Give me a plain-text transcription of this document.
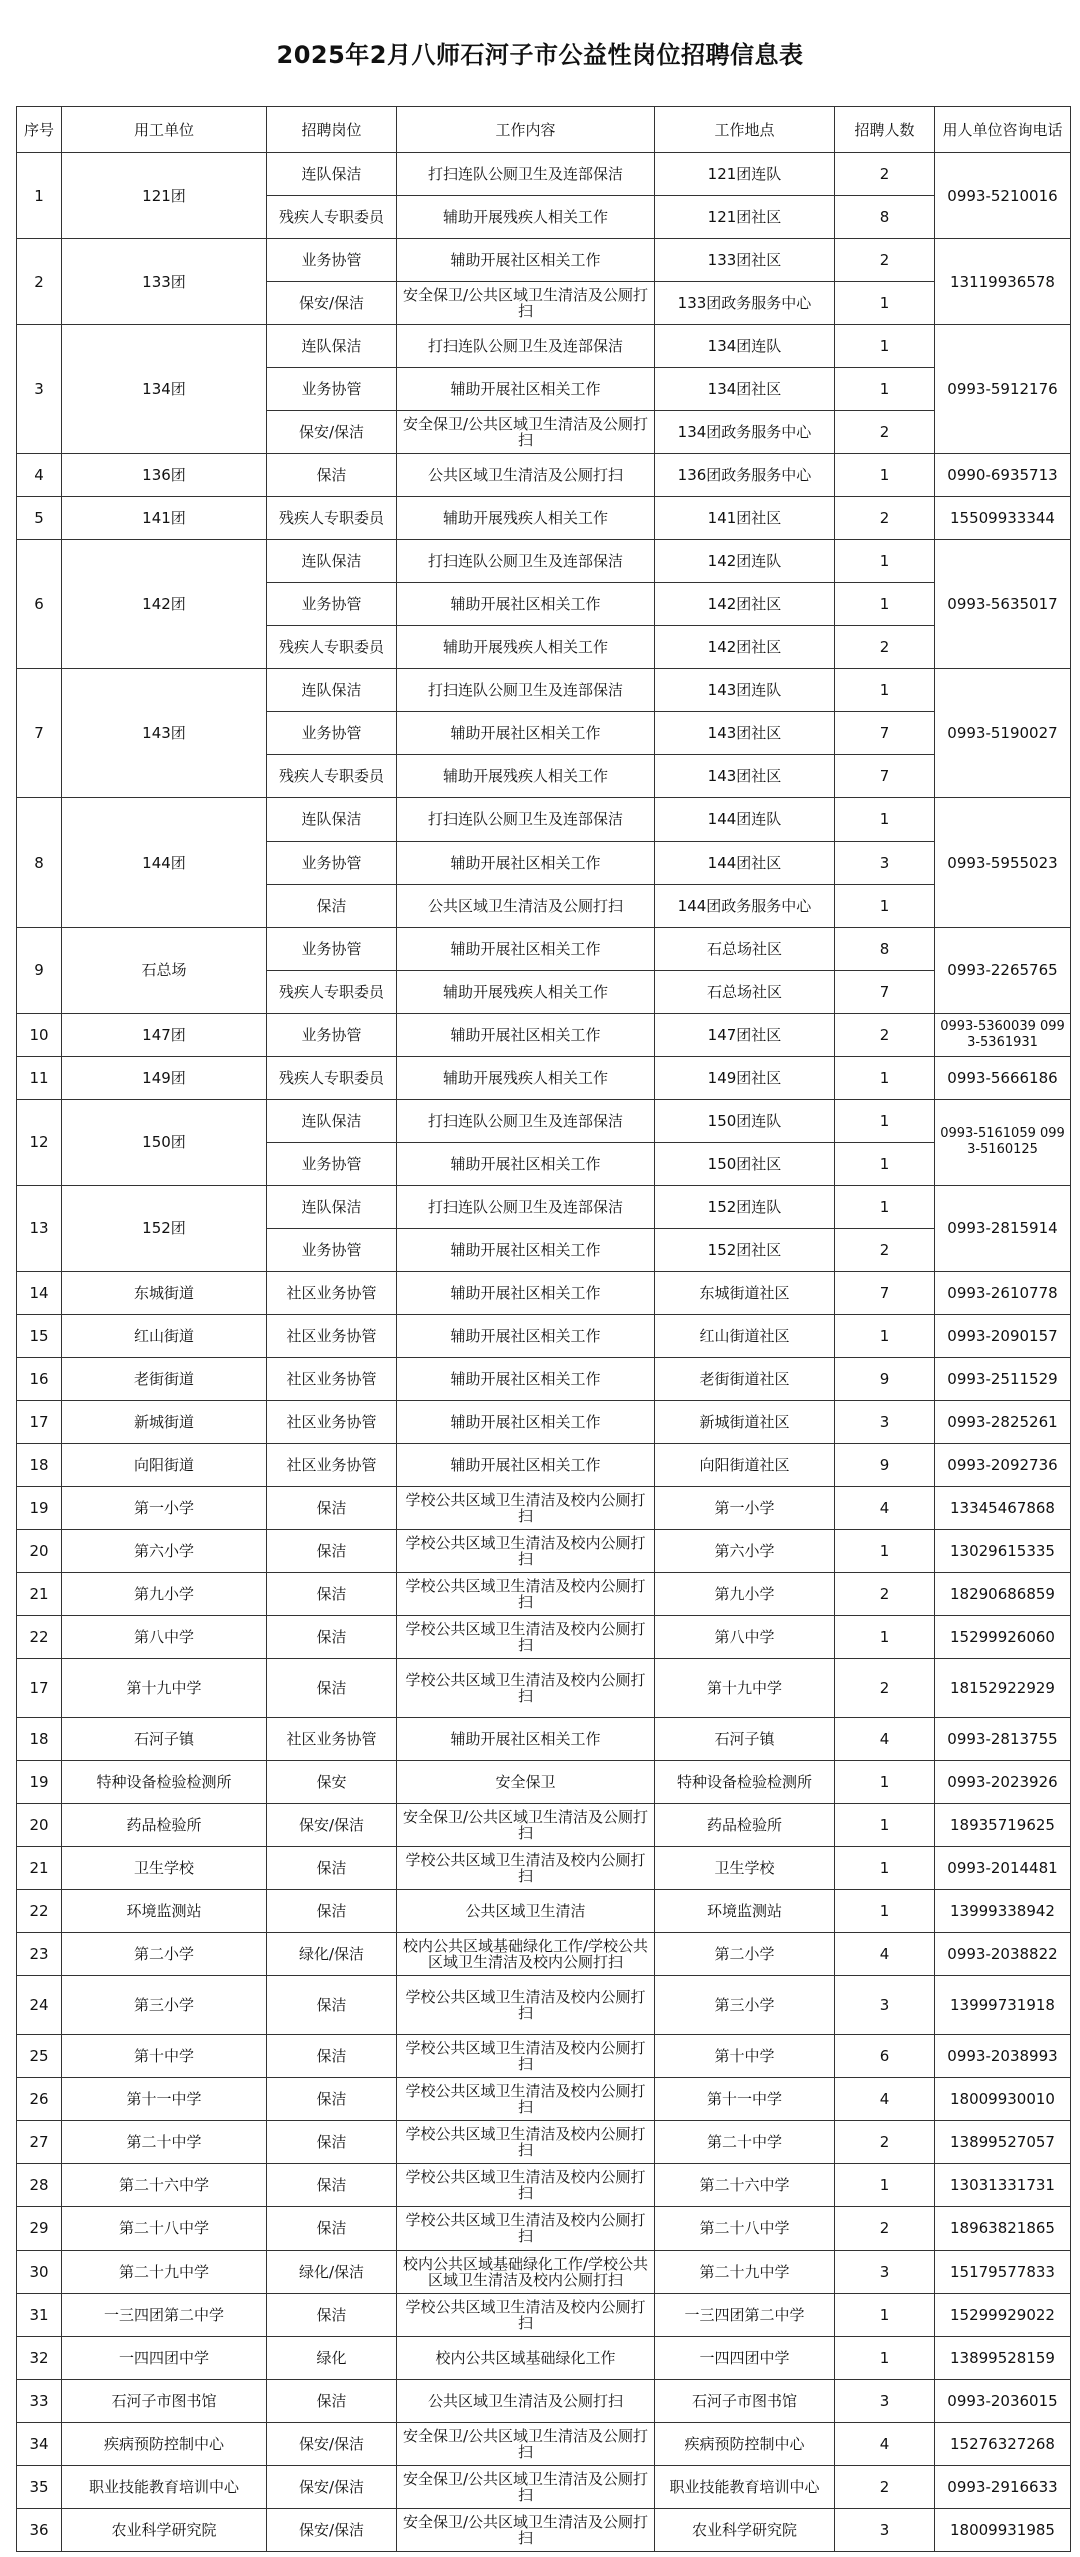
2025年2月八师石河子市公益性岗位招聘信息表
序号	用工单位	招聘岗位	工作内容	工作地点	招聘人数	用人单位咨询电话
1	121团	连队保洁	打扫连队公厕卫生及连部保洁	121团连队	2	0993-5210016
		残疾人专职委员	辅助开展残疾人相关工作	121团社区	8	
2	133团	业务协管	辅助开展社区相关工作	133团社区	2	13119936578
		保安/保洁	安全保卫/公共区域卫生清洁及公厕打扫	133团政务服务中心	1	
3	134团	连队保洁	打扫连队公厕卫生及连部保洁	134团连队	1	0993-5912176
		业务协管	辅助开展社区相关工作	134团社区	1	
		保安/保洁	安全保卫/公共区域卫生清洁及公厕打扫	134团政务服务中心	2	
4	136团	保洁	公共区域卫生清洁及公厕打扫	136团政务服务中心	1	0990-6935713
5	141团	残疾人专职委员	辅助开展残疾人相关工作	141团社区	2	15509933344
6	142团	连队保洁	打扫连队公厕卫生及连部保洁	142团连队	1	0993-5635017
		业务协管	辅助开展社区相关工作	142团社区	1	
		残疾人专职委员	辅助开展残疾人相关工作	142团社区	2	
7	143团	连队保洁	打扫连队公厕卫生及连部保洁	143团连队	1	0993-5190027
		业务协管	辅助开展社区相关工作	143团社区	7	
		残疾人专职委员	辅助开展残疾人相关工作	143团社区	7	
8	144团	连队保洁	打扫连队公厕卫生及连部保洁	144团连队	1	0993-5955023
		业务协管	辅助开展社区相关工作	144团社区	3	
		保洁	公共区域卫生清洁及公厕打扫	144团政务服务中心	1	
9	石总场	业务协管	辅助开展社区相关工作	石总场社区	8	0993-2265765
		残疾人专职委员	辅助开展残疾人相关工作	石总场社区	7	
10	147团	业务协管	辅助开展社区相关工作	147团社区	2	0993-5360039 0993-5361931
11	149团	残疾人专职委员	辅助开展残疾人相关工作	149团社区	1	0993-5666186
12	150团	连队保洁	打扫连队公厕卫生及连部保洁	150团连队	1	0993-5161059 0993-5160125
		业务协管	辅助开展社区相关工作	150团社区	1	
13	152团	连队保洁	打扫连队公厕卫生及连部保洁	152团连队	1	0993-2815914
		业务协管	辅助开展社区相关工作	152团社区	2	
14	东城街道	社区业务协管	辅助开展社区相关工作	东城街道社区	7	0993-2610778
15	红山街道	社区业务协管	辅助开展社区相关工作	红山街道社区	1	0993-2090157
16	老街街道	社区业务协管	辅助开展社区相关工作	老街街道社区	9	0993-2511529
17	新城街道	社区业务协管	辅助开展社区相关工作	新城街道社区	3	0993-2825261
18	向阳街道	社区业务协管	辅助开展社区相关工作	向阳街道社区	9	0993-2092736
19	第一小学	保洁	学校公共区域卫生清洁及校内公厕打扫	第一小学	4	13345467868
20	第六小学	保洁	学校公共区域卫生清洁及校内公厕打扫	第六小学	1	13029615335
21	第九小学	保洁	学校公共区域卫生清洁及校内公厕打扫	第九小学	2	18290686859
22	第八中学	保洁	学校公共区域卫生清洁及校内公厕打扫	第八中学	1	15299926060
17	第十九中学	保洁	学校公共区域卫生清洁及校内公厕打扫	第十九中学	2	18152922929
18	石河子镇	社区业务协管	辅助开展社区相关工作	石河子镇	4	0993-2813755
19	特种设备检验检测所	保安	安全保卫	特种设备检验检测所	1	0993-2023926
20	药品检验所	保安/保洁	安全保卫/公共区域卫生清洁及公厕打扫	药品检验所	1	18935719625
21	卫生学校	保洁	学校公共区域卫生清洁及校内公厕打扫	卫生学校	1	0993-2014481
22	环境监测站	保洁	公共区域卫生清洁	环境监测站	1	13999338942
23	第二小学	绿化/保洁	校内公共区域基础绿化工作/学校公共区域卫生清洁及校内公厕打扫	第二小学	4	0993-2038822
24	第三小学	保洁	学校公共区域卫生清洁及校内公厕打扫	第三小学	3	13999731918
25	第十中学	保洁	学校公共区域卫生清洁及校内公厕打扫	第十中学	6	0993-2038993
26	第十一中学	保洁	学校公共区域卫生清洁及校内公厕打扫	第十一中学	4	18009930010
27	第二十中学	保洁	学校公共区域卫生清洁及校内公厕打扫	第二十中学	2	13899527057
28	第二十六中学	保洁	学校公共区域卫生清洁及校内公厕打扫	第二十六中学	1	13031331731
29	第二十八中学	保洁	学校公共区域卫生清洁及校内公厕打扫	第二十八中学	2	18963821865
30	第二十九中学	绿化/保洁	校内公共区域基础绿化工作/学校公共区域卫生清洁及校内公厕打扫	第二十九中学	3	15179577833
31	一三四团第二中学	保洁	学校公共区域卫生清洁及校内公厕打扫	一三四团第二中学	1	15299929022
32	一四四团中学	绿化	校内公共区域基础绿化工作	一四四团中学	1	13899528159
33	石河子市图书馆	保洁	公共区域卫生清洁及公厕打扫	石河子市图书馆	3	0993-2036015
34	疾病预防控制中心	保安/保洁	安全保卫/公共区域卫生清洁及公厕打扫	疾病预防控制中心	4	15276327268
35	职业技能教育培训中心	保安/保洁	安全保卫/公共区域卫生清洁及公厕打扫	职业技能教育培训中心	2	0993-2916633
36	农业科学研究院	保安/保洁	安全保卫/公共区域卫生清洁及公厕打扫	农业科学研究院	3	18009931985
